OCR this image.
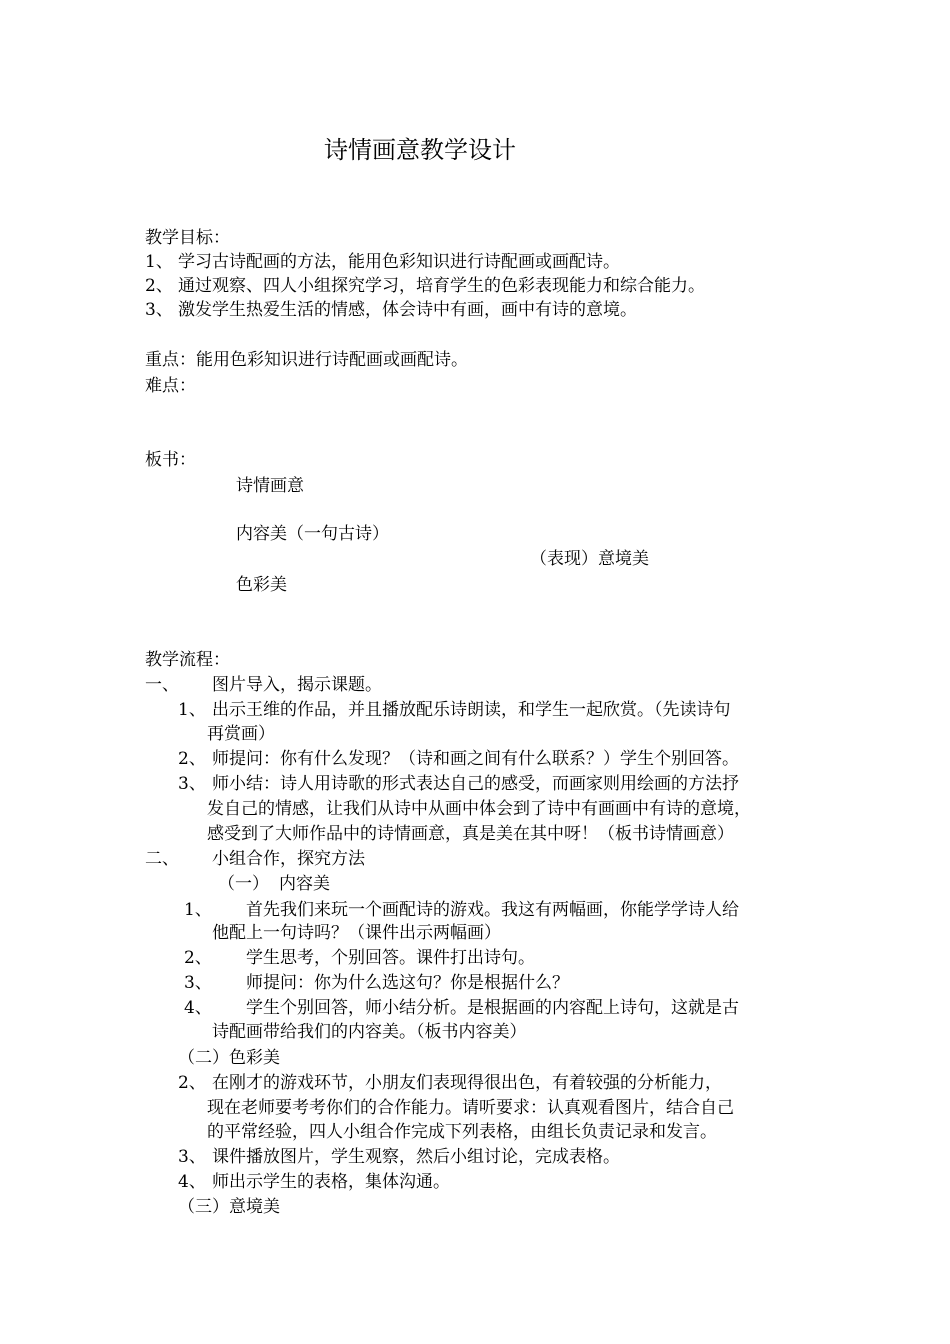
诗情画意教学设计
教学目标：
1、 学习古诗配画的方法，能用色彩知识进行诗配画或画配诗。
2、 通过观察、四人小组探究学习，培育学生的色彩表现能力和综合能力。
3、 激发学生热爱生活的情感，体会诗中有画，画中有诗的意境。
重点：能用色彩知识进行诗配画或画配诗。
难点：
板书：
诗情画意
内容美（一句古诗）
（表现）意境美
色彩美
教学流程：
一、 图片导入，揭示课题。
1、 出示王维的作品，并且播放配乐诗朗读，和学生一起欣赏。（先读诗句
再赏画）
2、 师提问：你有什么发现？（诗和画之间有什么联系？）学生个别回答。
3、 师小结：诗人用诗歌的形式表达自己的感受，而画家则用绘画的方法抒
发自己的情感，让我们从诗中从画中体会到了诗中有画画中有诗的意境，
感受到了大师作品中的诗情画意，真是美在其中呀！（板书诗情画意）
二、 小组合作，探究方法
（一） 内容美
1、 首先我们来玩一个画配诗的游戏。我这有两幅画，你能学学诗人给
他配上一句诗吗？（课件出示两幅画）
2、 学生思考，个别回答。课件打出诗句。
3、 师提问：你为什么选这句？你是根据什么？
4、 学生个别回答，师小结分析。是根据画的内容配上诗句，这就是古
诗配画带给我们的内容美。（板书内容美）
（二）色彩美
2、 在刚才的游戏环节，小朋友们表现得很出色，有着较强的分析能力，
现在老师要考考你们的合作能力。请听要求：认真观看图片，结合自己
的平常经验，四人小组合作完成下列表格，由组长负责记录和发言。
3、 课件播放图片，学生观察，然后小组讨论，完成表格。
4、 师出示学生的表格，集体沟通。
（三）意境美
